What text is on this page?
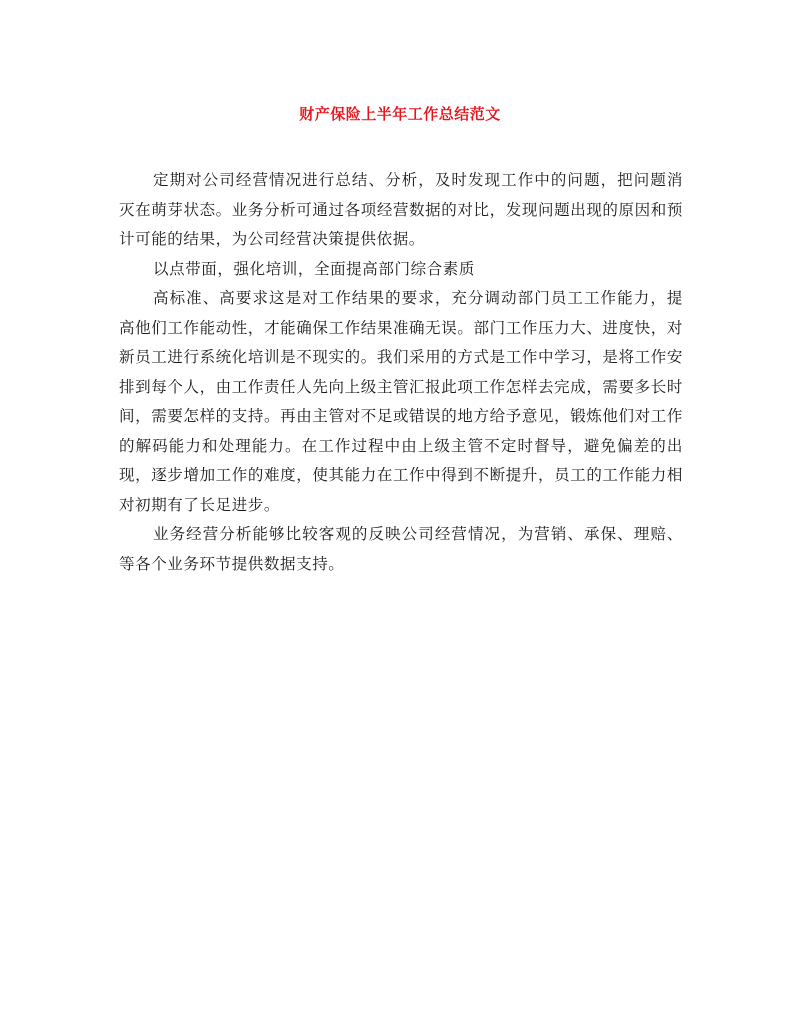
财产保险上半年工作总结范文

定期对公司经营情况进行总结、分析，及时发现工作中的问题，把问题消灭在萌芽状态。业务分析可通过各项经营数据的对比，发现问题出现的原因和预计可能的结果，为公司经营决策提供依据。

以点带面，强化培训，全面提高部门综合素质

高标准、高要求这是对工作结果的要求，充分调动部门员工工作能力，提高他们工作能动性，才能确保工作结果准确无误。部门工作压力大、进度快，对新员工进行系统化培训是不现实的。我们采用的方式是工作中学习，是将工作安排到每个人，由工作责任人先向上级主管汇报此项工作怎样去完成，需要多长时间，需要怎样的支持。再由主管对不足或错误的地方给予意见，锻炼他们对工作的解码能力和处理能力。在工作过程中由上级主管不定时督导，避免偏差的出现，逐步增加工作的难度，使其能力在工作中得到不断提升，员工的工作能力相对初期有了长足进步。

业务经营分析能够比较客观的反映公司经营情况，为营销、承保、理赔、等各个业务环节提供数据支持。
